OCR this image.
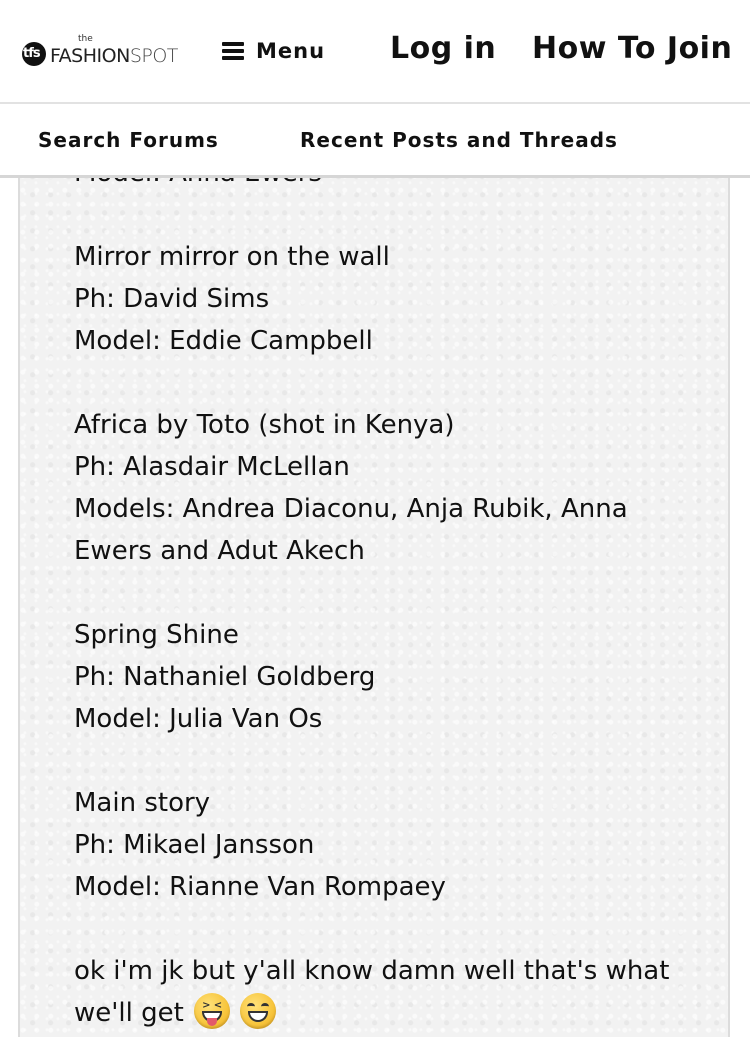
Mirror mirror on the wall
Ph: David Sims
Model: Eddie Campbell
Africa by Toto (shot in Kenya)
Ph: Alasdair McLellan
Models: Andrea Diaconu, Anja Rubik, Anna
Ewers and Adut Akech
Spring Shine
Ph: Nathaniel Goldberg
Model: Julia Van Os
Main story
Ph: Mikael Jansson
Model: Rianne Van Rompaey
ok i'm jk but y'all know damn well that's what
we'll get > <

tfs
the
FASHIONSPOT	Menu Log in How To Join
Search Forums	Recent Posts and Threads
